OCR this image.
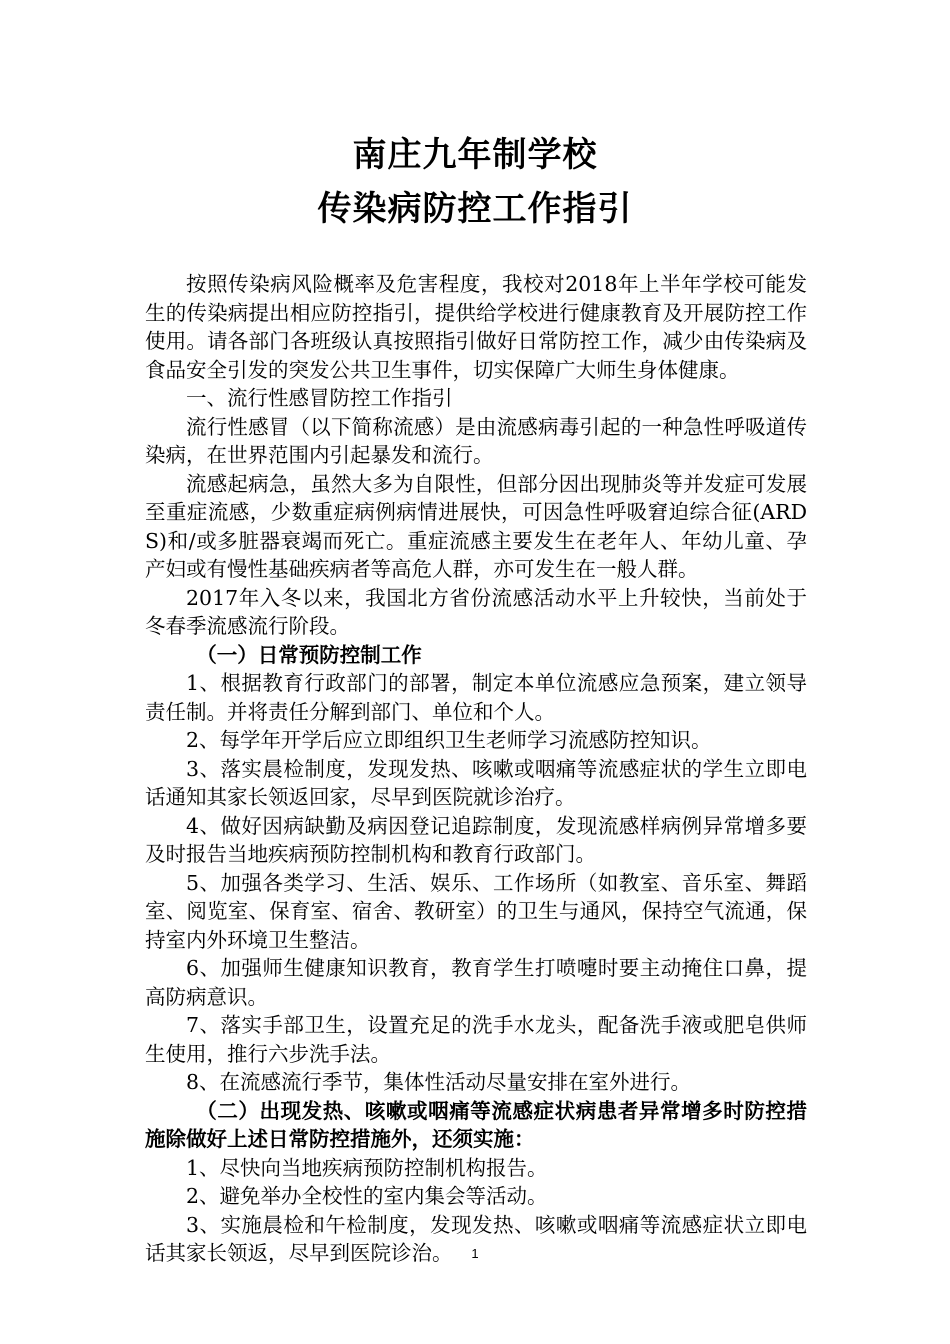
南庄九年制学校
传染病防控工作指引

按照传染病风险概率及危害程度，我校对2018年上半年学校可能发生的传染病提出相应防控指引，提供给学校进行健康教育及开展防控工作使用。请各部门各班级认真按照指引做好日常防控工作，减少由传染病及食品安全引发的突发公共卫生事件，切实保障广大师生身体健康。

一、流行性感冒防控工作指引

流行性感冒（以下简称流感）是由流感病毒引起的一种急性呼吸道传染病，在世界范围内引起暴发和流行。

流感起病急，虽然大多为自限性，但部分因出现肺炎等并发症可发展至重症流感，少数重症病例病情进展快，可因急性呼吸窘迫综合征(ARDS)和/或多脏器衰竭而死亡。重症流感主要发生在老年人、年幼儿童、孕产妇或有慢性基础疾病者等高危人群，亦可发生在一般人群。

2017年入冬以来，我国北方省份流感活动水平上升较快，当前处于冬春季流感流行阶段。

（一）日常预防控制工作

1、根据教育行政部门的部署，制定本单位流感应急预案，建立领导责任制。并将责任分解到部门、单位和个人。

2、每学年开学后应立即组织卫生老师学习流感防控知识。

3、落实晨检制度，发现发热、咳嗽或咽痛等流感症状的学生立即电话通知其家长领返回家，尽早到医院就诊治疗。

4、做好因病缺勤及病因登记追踪制度，发现流感样病例异常增多要及时报告当地疾病预防控制机构和教育行政部门。

5、加强各类学习、生活、娱乐、工作场所（如教室、音乐室、舞蹈室、阅览室、保育室、宿舍、教研室）的卫生与通风，保持空气流通，保持室内外环境卫生整洁。

6、加强师生健康知识教育，教育学生打喷嚏时要主动掩住口鼻，提高防病意识。

7、落实手部卫生，设置充足的洗手水龙头，配备洗手液或肥皂供师生使用，推行六步洗手法。

8、在流感流行季节，集体性活动尽量安排在室外进行。

（二）出现发热、咳嗽或咽痛等流感症状病患者异常增多时防控措施除做好上述日常防控措施外，还须实施：

1、尽快向当地疾病预防控制机构报告。

2、避免举办全校性的室内集会等活动。

3、实施晨检和午检制度，发现发热、咳嗽或咽痛等流感症状立即电话其家长领返，尽早到医院诊治。	1
